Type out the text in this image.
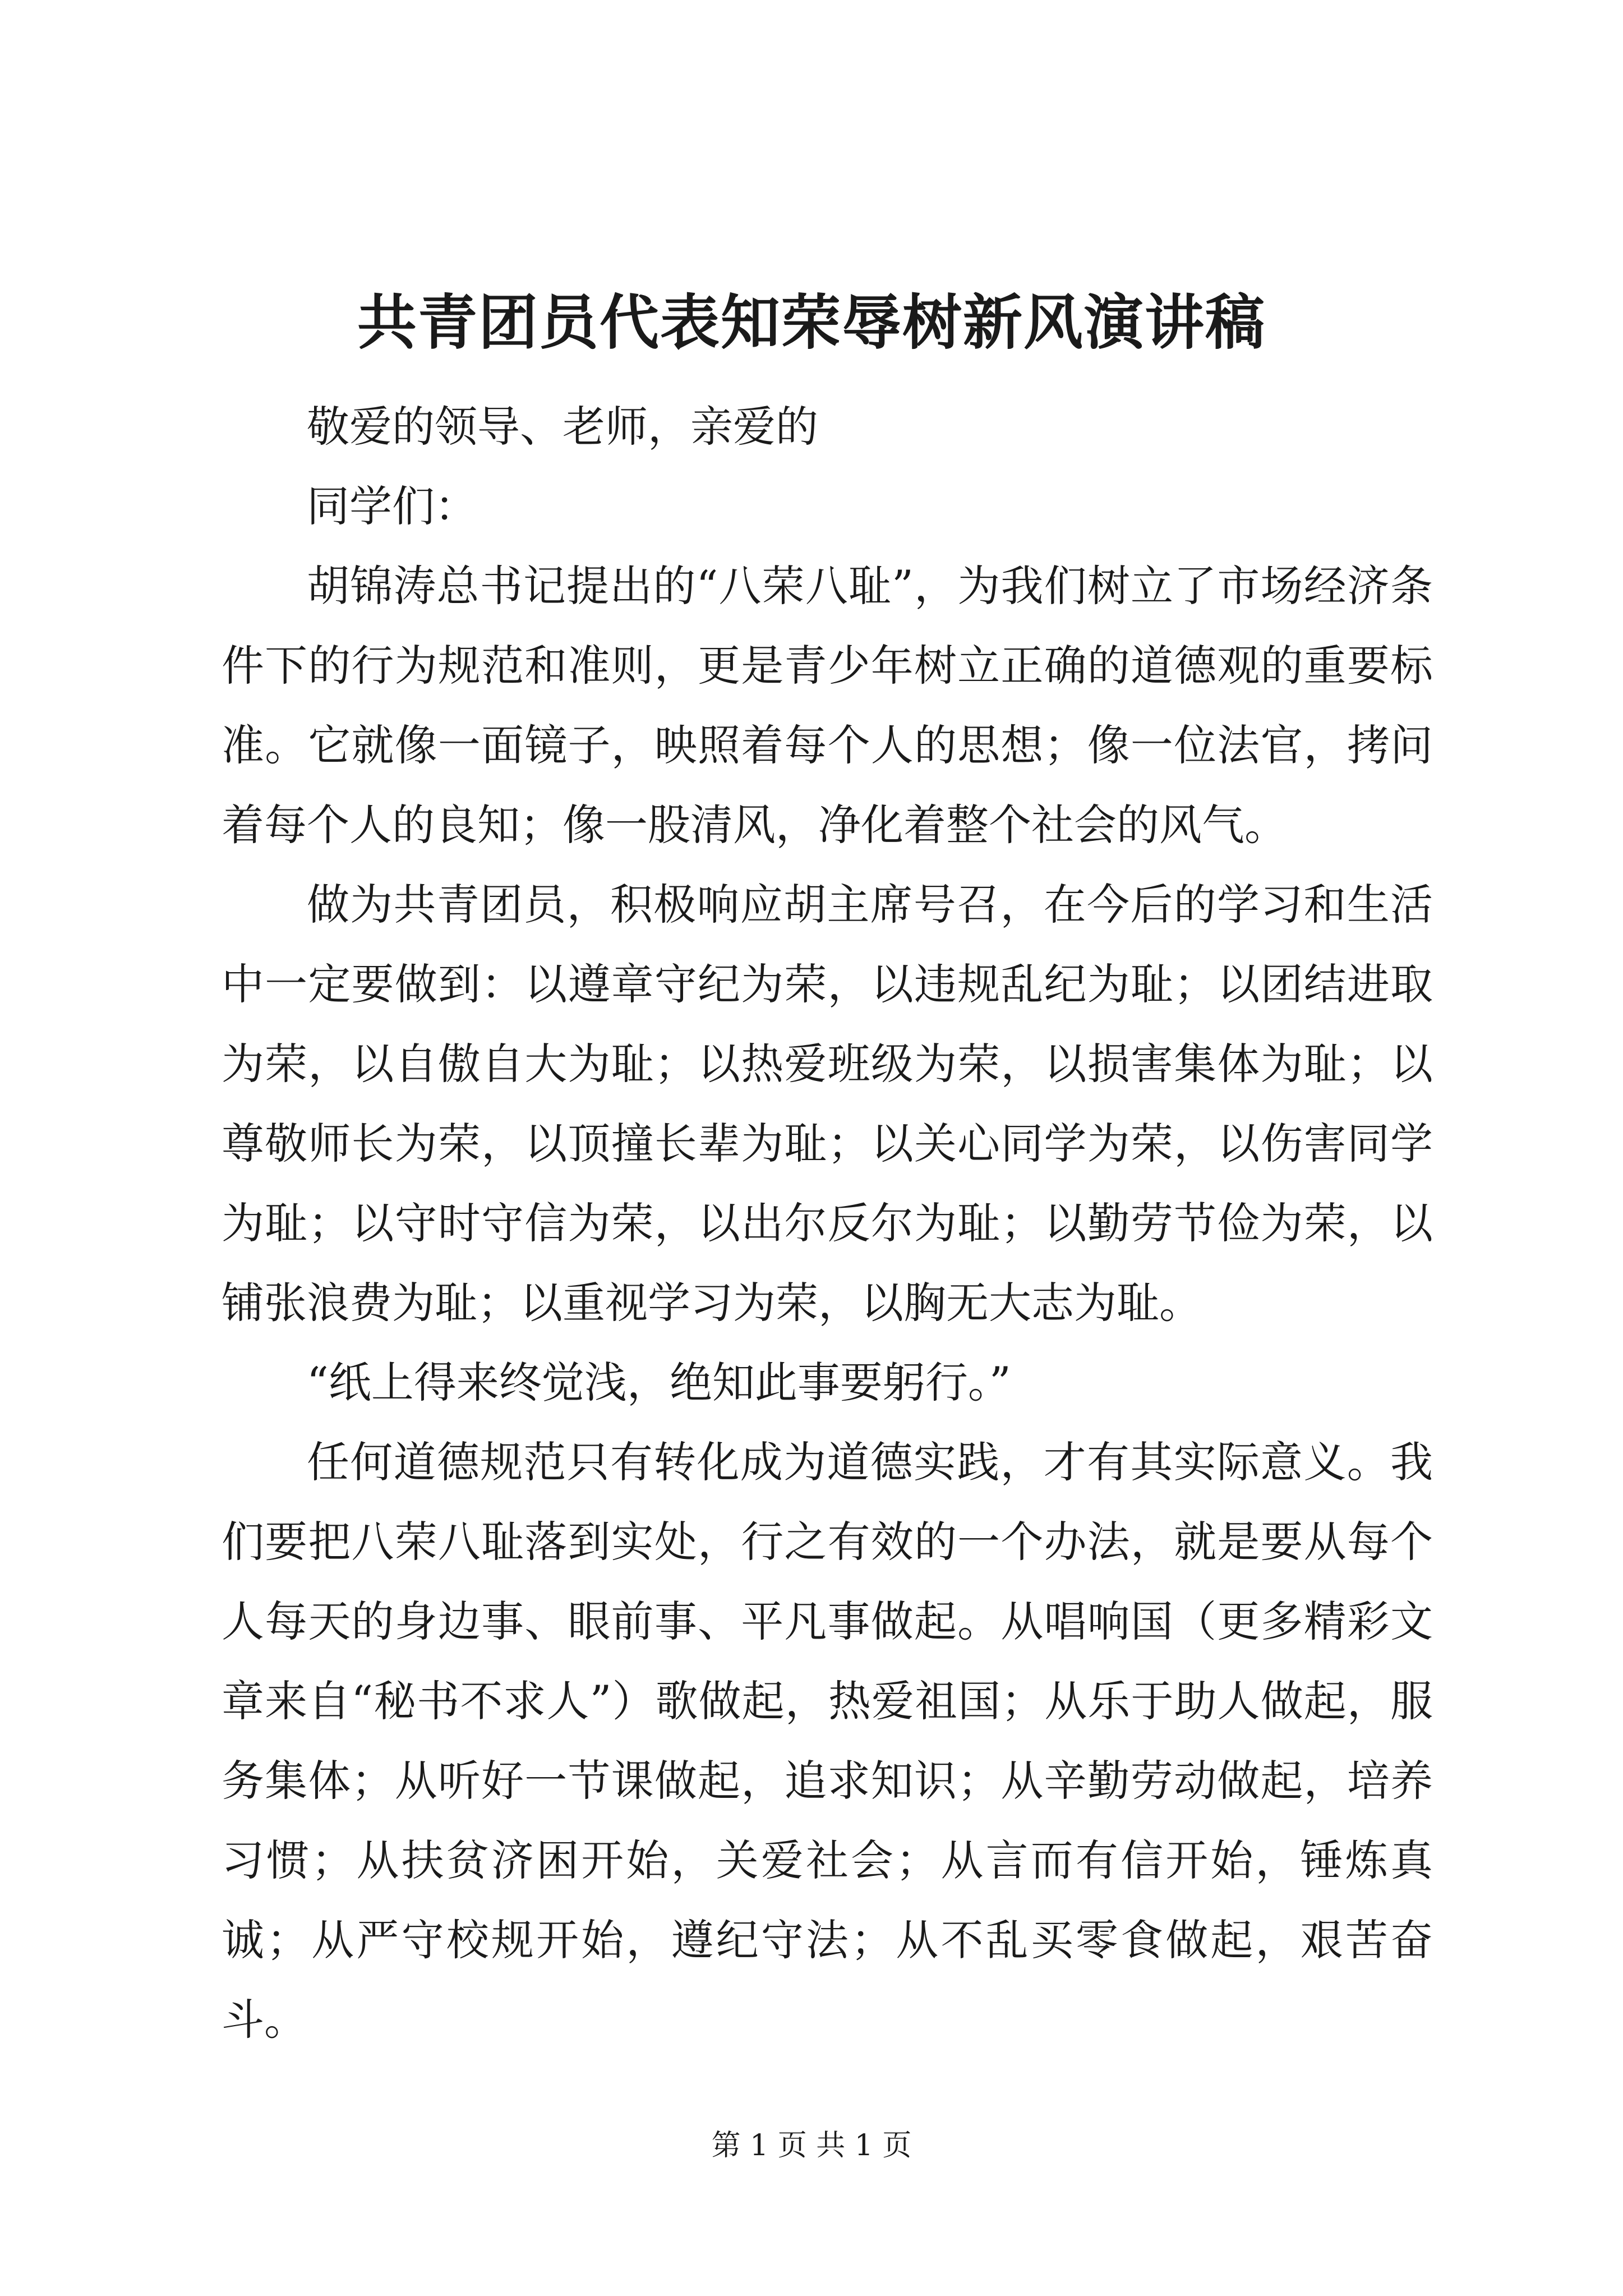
共青团员代表知荣辱树新风演讲稿

敬爱的领导、老师，亲爱的

同学们：

胡锦涛总书记提出的“八荣八耻”，为我们树立了市场经济条件下的行为规范和准则，更是青少年树立正确的道德观的重要标准。它就像一面镜子，映照着每个人的思想；像一位法官，拷问着每个人的良知；像一股清风，净化着整个社会的风气。

做为共青团员，积极响应胡主席号召，在今后的学习和生活中一定要做到：以遵章守纪为荣，以违规乱纪为耻；以团结进取为荣，以自傲自大为耻；以热爱班级为荣，以损害集体为耻；以尊敬师长为荣，以顶撞长辈为耻；以关心同学为荣，以伤害同学为耻；以守时守信为荣，以出尔反尔为耻；以勤劳节俭为荣，以铺张浪费为耻；以重视学习为荣，以胸无大志为耻。

“纸上得来终觉浅，绝知此事要躬行。”

任何道德规范只有转化成为道德实践，才有其实际意义。我们要把八荣八耻落到实处，行之有效的一个办法，就是要从每个人每天的身边事、眼前事、平凡事做起。从唱响国（更多精彩文章来自“秘书不求人”）歌做起，热爱祖国；从乐于助人做起，服务集体；从听好一节课做起，追求知识；从辛勤劳动做起，培养习惯；从扶贫济困开始，关爱社会；从言而有信开始，锤炼真诚；从严守校规开始，遵纪守法；从不乱买零食做起，艰苦奋斗。

第 1 页 共 1 页
